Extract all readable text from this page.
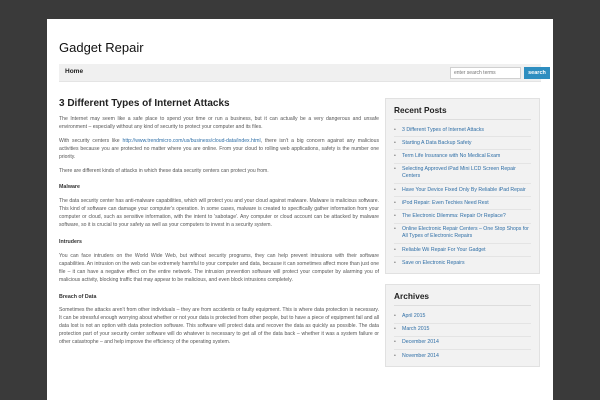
Gadget Repair
Home
enter search terms	search
3 Different Types of Internet Attacks

The Internet may seem like a safe place to spend your time or run a business, but it can actually be a very dangerous and unsafe environment – especially without any kind of security to protect your computer and its files.

With security centers like http://www.trendmicro.com/us/business/cloud-data/index.html, there isn't a big concern against any malicious activities because you are protected no matter where you are online. From your cloud to rolling web applications, safety is the number one priority.

There are different kinds of attacks in which these data security centers can protect you from.

Malware

The data security center has anti-malware capabilities, which will protect you and your cloud against malware. Malware is malicious software. This kind of software can damage your computer's operation. In some cases, malware is created to specifically gather information from your computer or cloud, such as sensitive information, with the intent to 'sabotage'. Any computer or cloud account can be attacked by malware software, so it is crucial to your safety as well as your computers to invest in a security system.

Intruders

You can face intruders on the World Wide Web, but without security programs, they can help prevent intrusions with their software capabilities. An intrusion on the web can be extremely harmful to your computer and data, because it can sometimes affect more than just one file – it can have a negative effect on the entire network. The intrusion prevention software will protect your computer by alarming you of malicious activity, blocking traffic that may appear to be malicious, and even block intrusions completely.

Breach of Data

Sometimes the attacks aren't from other individuals – they are from accidents or faulty equipment. This is where data protection is necessary. It can be stressful enough worrying about whether or not your data is protected from other people, but to have a piece of equipment fail and all data lost is not an option with data protection software. This software will protect data and recover the data as quickly as possible. The data protection part of your security center software will do whatever is necessary to get all of the data back – whether it was a system failure or other catastrophe – and help improve the efficiency of the operating system.

Recent Posts
•	3 Different Types of Internet Attacks
•	Starting A Data Backup Safety
•	Term Life Insurance with No Medical Exam
•	Selecting Approved iPad Mini LCD Screen Repair Centers
•	Have Your Device Fixed Only By Reliable iPad Repair
•	iPod Repair: Even Techies Need Rest
•	The Electronic Dilemma: Repair Or Replace?
•	Online Electronic Repair Centers – One Stop Shops for All Types of Electronic Repairs
•	Reliable Wii Repair For Your Gadget
•	Save on Electronic Repairs
Archives
•	April 2015
•	March 2015
•	December 2014
•	November 2014
